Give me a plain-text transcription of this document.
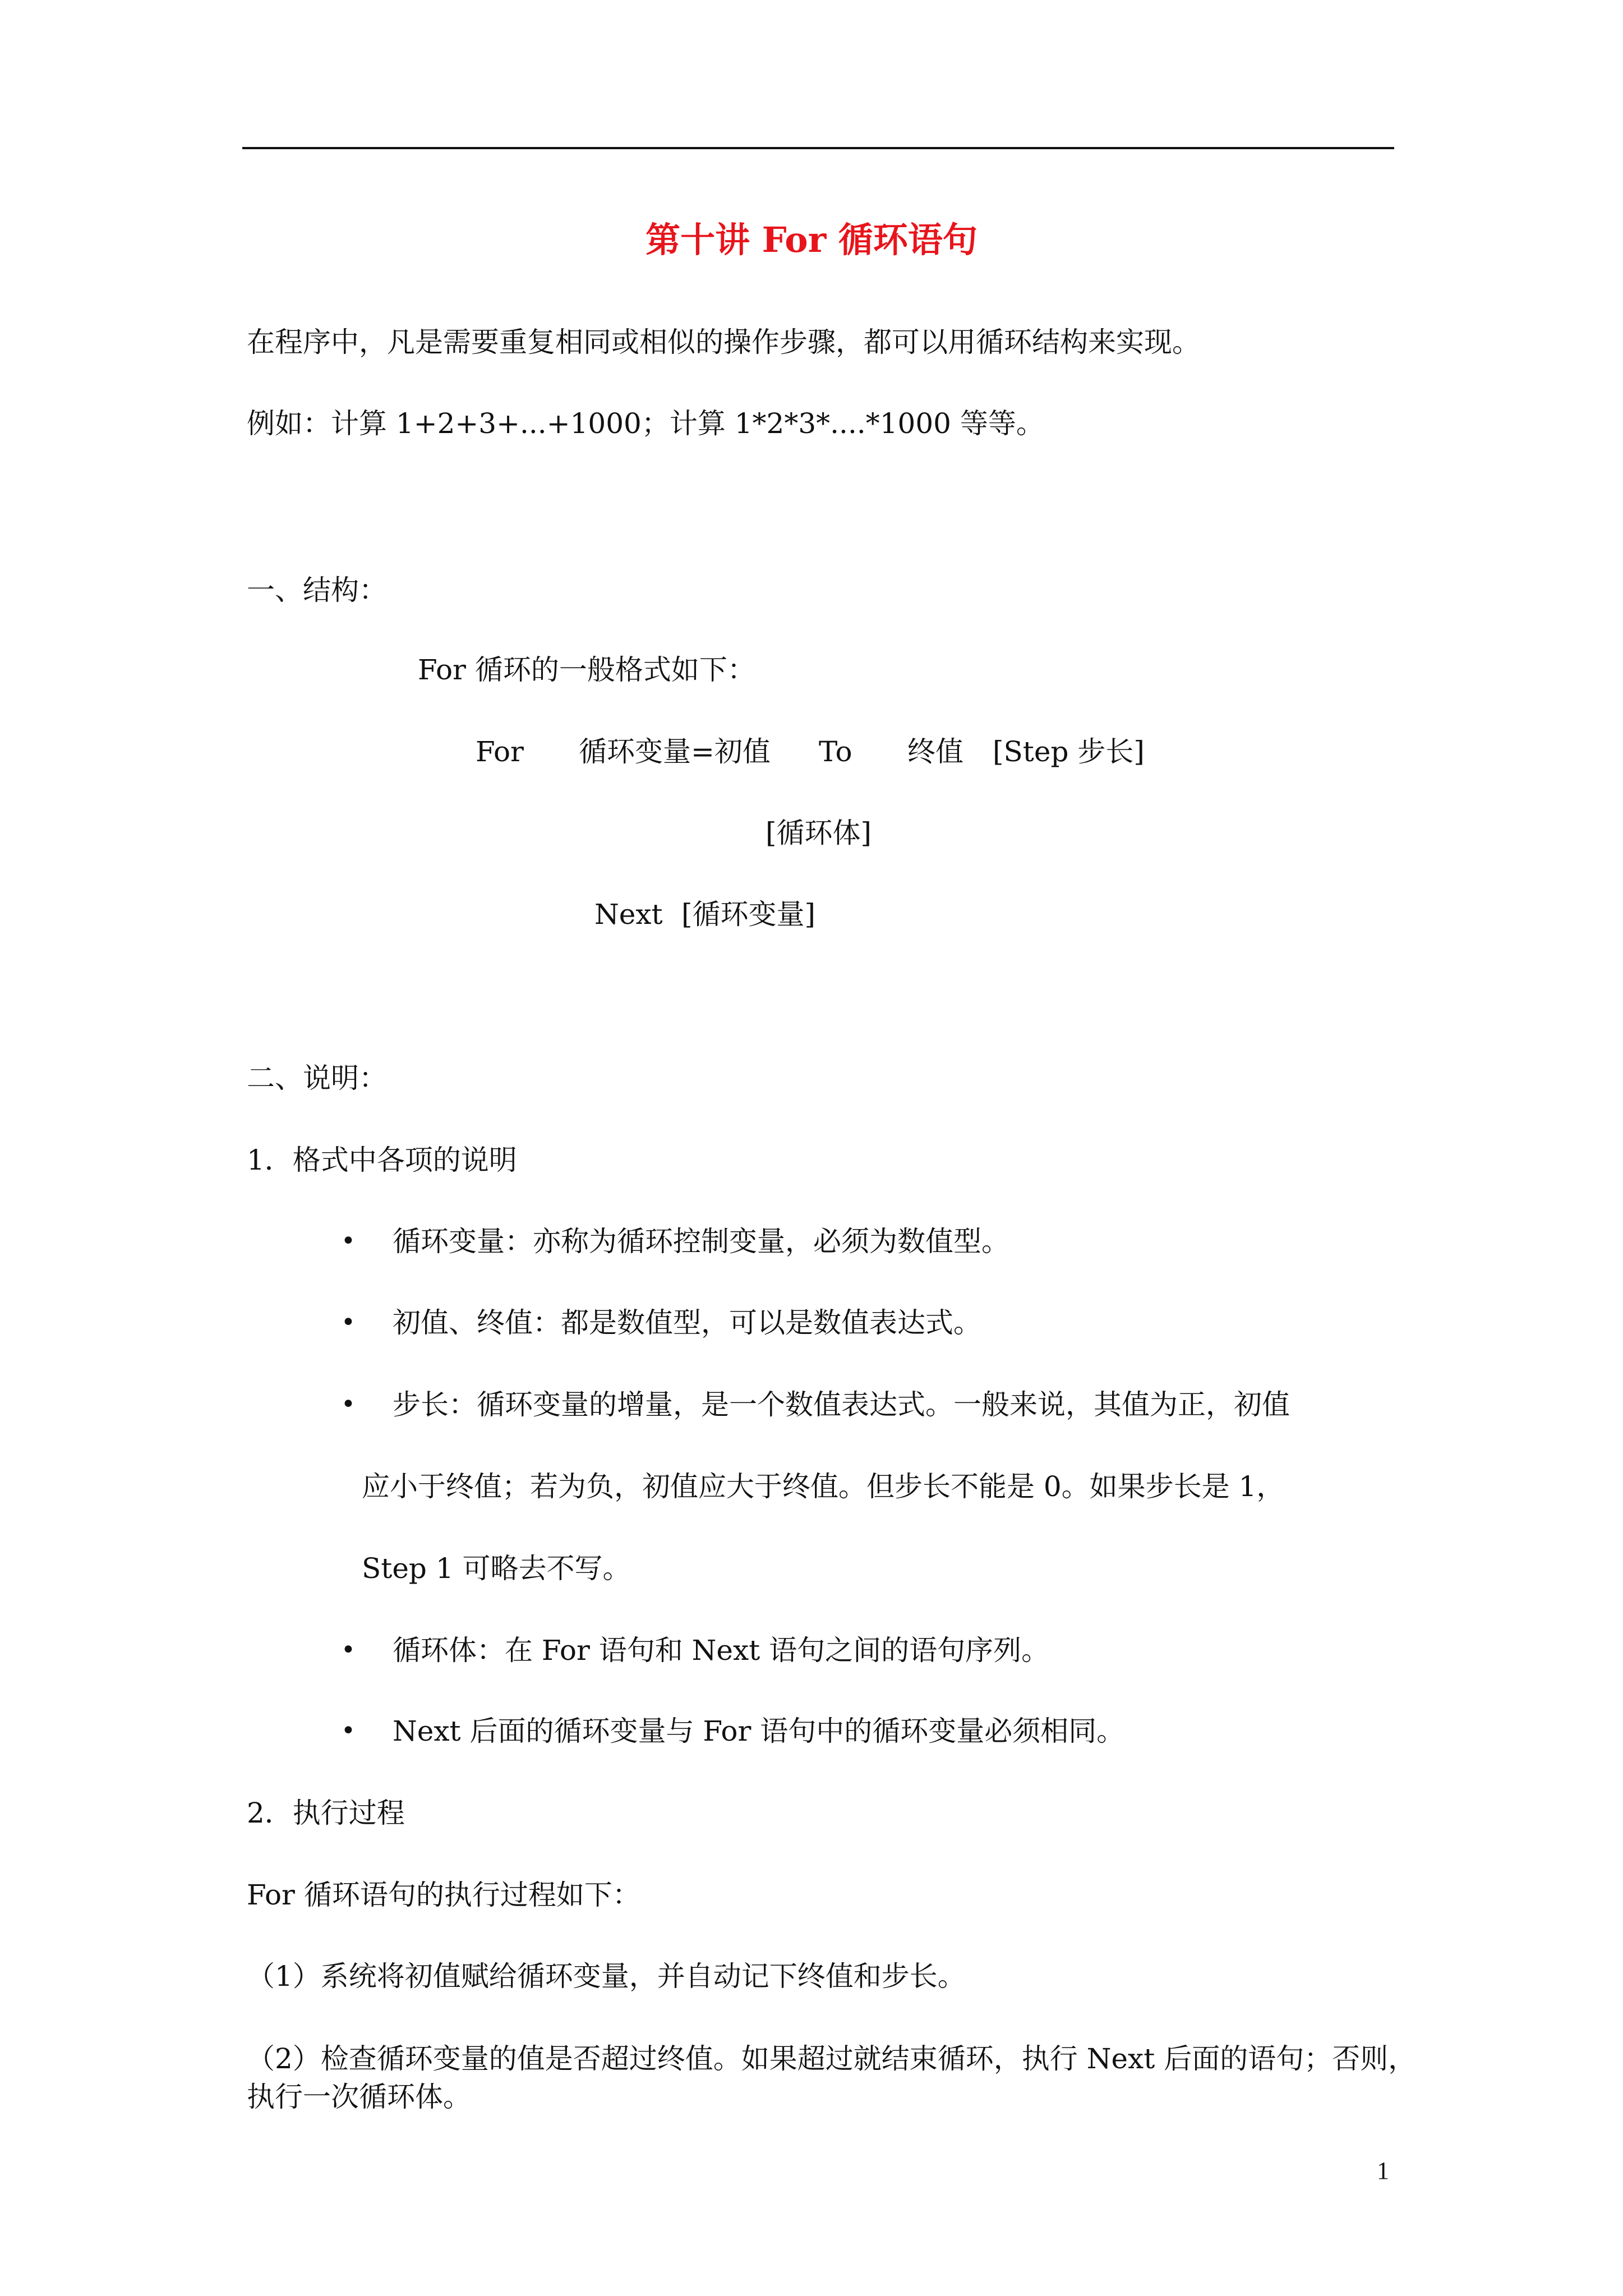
第十讲 For 循环语句
在程序中，凡是需要重复相同或相似的操作步骤，都可以用循环结构来实现。
例如：计算 1+2+3+...+1000；计算 1*2*3*....*1000 等等。
一、结构：
For 循环的一般格式如下：
For 循环变量=初值 To 终值 [Step 步长]
[循环体]
Next [循环变量]
二、说明：
1．格式中各项的说明
• 循环变量：亦称为循环控制变量，必须为数值型。
• 初值、终值：都是数值型，可以是数值表达式。
• 步长：循环变量的增量，是一个数值表达式。一般来说，其值为正，初值
应小于终值；若为负，初值应大于终值。但步长不能是 0。如果步长是 1，
Step 1 可略去不写。
• 循环体：在 For 语句和 Next 语句之间的语句序列。
• Next 后面的循环变量与 For 语句中的循环变量必须相同。
2．执行过程
For 循环语句的执行过程如下：
（1）系统将初值赋给循环变量，并自动记下终值和步长。
（2）检查循环变量的值是否超过终值。如果超过就结束循环，执行 Next 后面的语句；否则，
执行一次循环体。
1
